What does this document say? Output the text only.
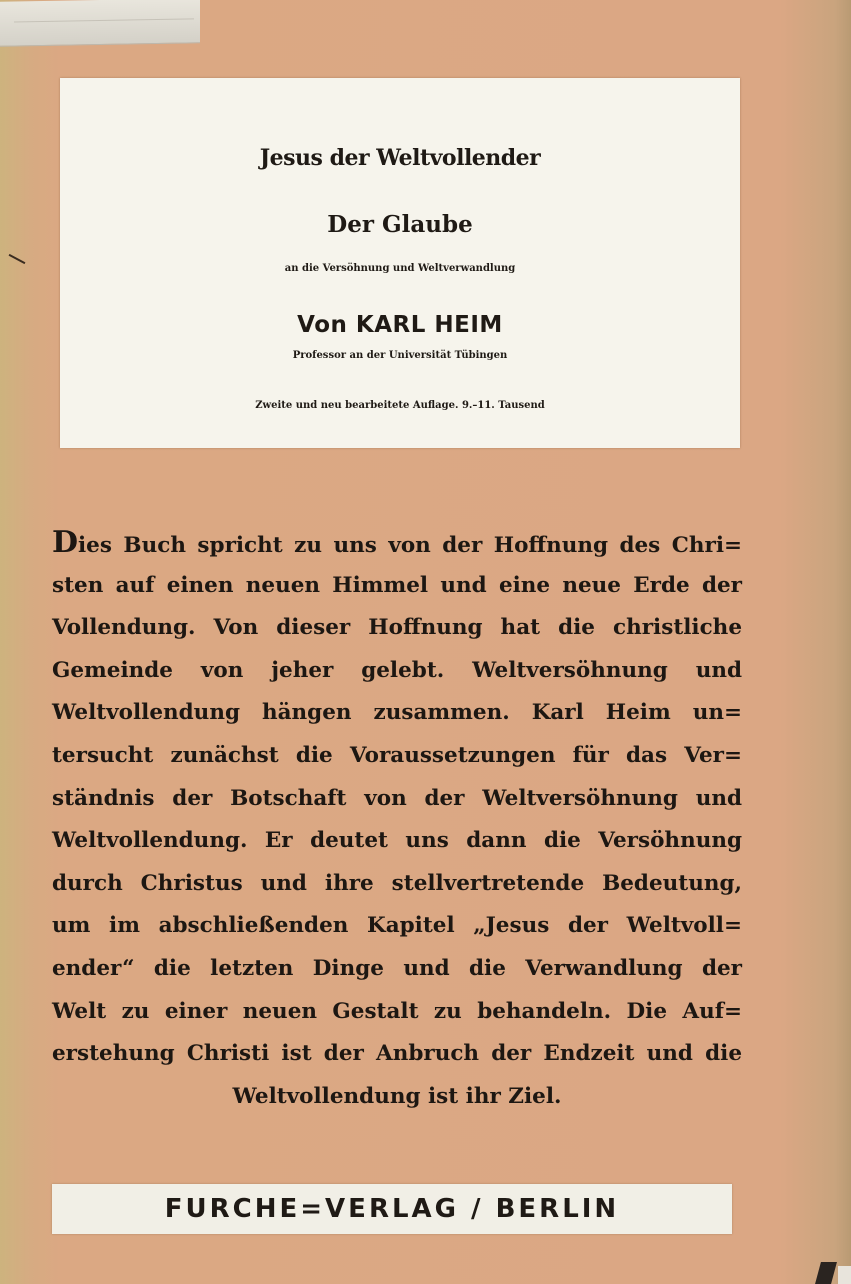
Jesus der Weltvollender
Der Glaube
an die Versöhnung und Weltverwandlung
Von KARL HEIM
Professor an der Universität Tübingen
Zweite und neu bearbeitete Auflage. 9.–11. Tausend
Dies Buch spricht zu uns von der Hoffnung des Chri=
sten auf einen neuen Himmel und eine neue Erde der
Vollendung. Von dieser Hoffnung hat die christliche
Gemeinde von jeher gelebt. Weltversöhnung und
Weltvollendung hängen zusammen. Karl Heim un=
tersucht zunächst die Voraussetzungen für das Ver=
ständnis der Botschaft von der Weltversöhnung und
Weltvollendung. Er deutet uns dann die Versöhnung
durch Christus und ihre stellvertretende Bedeutung,
um im abschließenden Kapitel „Jesus der Weltvoll=
ender“ die letzten Dinge und die Verwandlung der
Welt zu einer neuen Gestalt zu behandeln. Die Auf=
erstehung Christi ist der Anbruch der Endzeit und die
Weltvollendung ist ihr Ziel.
FURCHE=VERLAG / BERLIN
